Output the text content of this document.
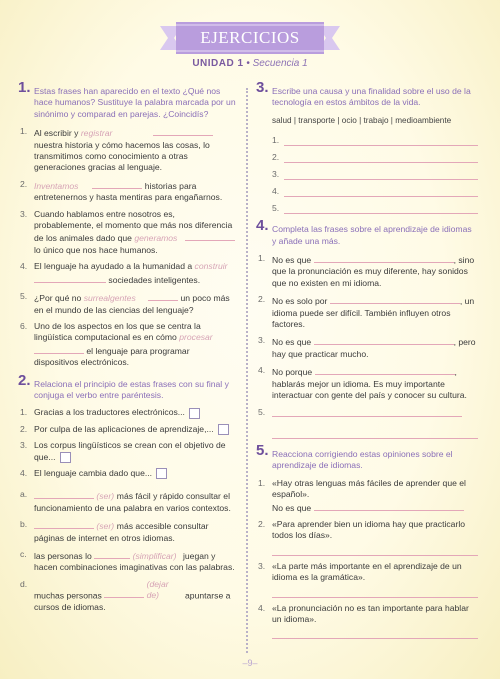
EJERCICIOS
UNIDAD 1 • Secuencia 1
1. Estas frases han aparecido en el texto ¿Qué nos hace humanos? Sustituye la palabra marcada por un sinónimo y comparad en parejas. ¿Coincidís?
1. Al escribir y registrar  nuestra historia y cómo hacemos las cosas, lo transmitimos como conocimiento a otras generaciones gracias al lenguaje.
2. Inventamos	historias para entretenernos y hasta mentiras para engañarnos.
3. Cuando hablamos entre nosotros es, probablemente, el momento que más nos diferencia de los animales dado que generamos  lo único que nos hace humanos.
4. El lenguaje ha ayudado a la humanidad a construir  sociedades inteligentes.
5. ¿Por qué no surrealgentes	un poco más en el mundo de las ciencias del lenguaje?
6. Uno de los aspectos en los que se centra la lingüística computacional es en cómo procesar  el lenguaje para programar dispositivos electrónicos.
2. Relaciona el principio de estas frases con su final y conjuga el verbo entre paréntesis.
1. Gracias a los traductores electrónicos...
2. Por culpa de las aplicaciones de aprendizaje,...
3. Los corpus lingüísticos se crean con el objetivo de que...
4. El lenguaje cambia dado que...
a.	(ser) más fácil y rápido consultar el funcionamiento de una palabra en varios contextos.
b.	(ser) más accesible consultar páginas de internet en otros idiomas.
c. las personas lo	(simplificar) juegan y hacen combinaciones imaginativas con las palabras.
d.
muchas personas  (dejar de)	apuntarse a cursos de idiomas.
3. Escribe una causa y una finalidad sobre el uso de la tecnología en estos ámbitos de la vida.
salud | transporte | ocio | trabajo | medioambiente
1.
2.
3.
4.
5.
4. Completa las frases sobre el aprendizaje de idiomas y añade una más.
1. No es que	, sino que la pronunciación es muy diferente, hay sonidos que no existen en mi idioma.
2. No es solo por	, un idioma puede ser difícil. También influyen otros factores.
3. No es que	, pero hay que practicar mucho.
4. No porque	, hablarás mejor un idioma. Es muy importante interactuar con gente del país y conocer su cultura.
5.
5. Reacciona corrigiendo estas opiniones sobre el aprendizaje de idiomas.
1. «Hay otras lenguas más fáciles de aprender que el español».
No es que
2. «Para aprender bien un idioma hay que practicarlo todos los días».
3. «La parte más importante en el aprendizaje de un idioma es la gramática».
4. «La pronunciación no es tan importante para hablar un idioma».
–9–
